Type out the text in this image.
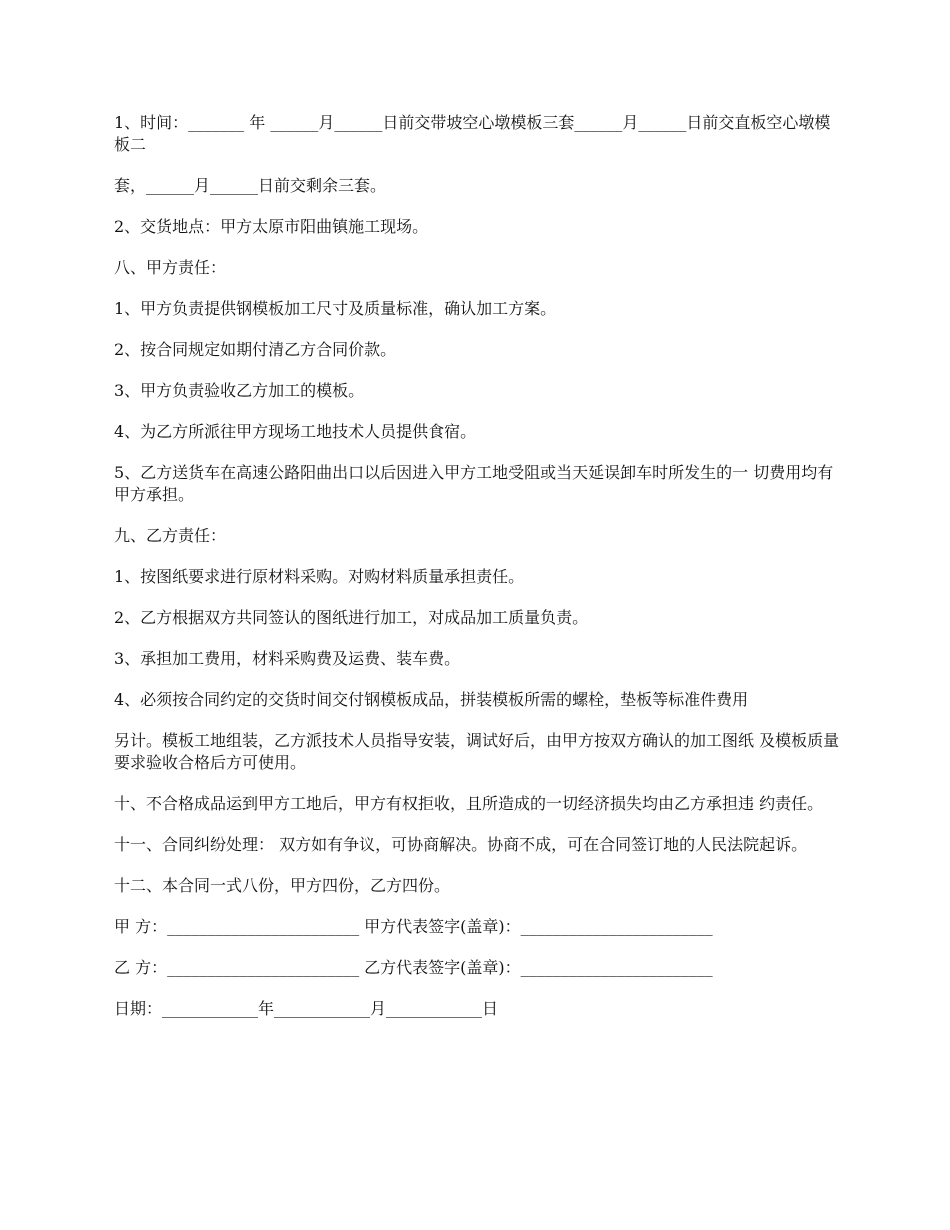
1、时间：_______ 年 ______月______日前交带坡空心墩模板三套______月______日前交直板空心墩模板二

套，______月______日前交剩余三套。

2、交货地点：甲方太原市阳曲镇施工现场。

八、甲方责任：

1、甲方负责提供钢模板加工尺寸及质量标准，确认加工方案。

2、按合同规定如期付清乙方合同价款。

3、甲方负责验收乙方加工的模板。

4、为乙方所派往甲方现场工地技术人员提供食宿。

5、乙方送货车在高速公路阳曲出口以后因进入甲方工地受阻或当天延误卸车时所发生的一 切费用均有甲方承担。

九、乙方责任：

1、按图纸要求进行原材料采购。对购材料质量承担责任。

2、乙方根据双方共同签认的图纸进行加工，对成品加工质量负责。

3、承担加工费用，材料采购费及运费、装车费。

4、必须按合同约定的交货时间交付钢模板成品，拼装模板所需的螺栓，垫板等标准件费用

另计。模板工地组装，乙方派技术人员指导安装，调试好后，由甲方按双方确认的加工图纸 及模板质量要求验收合格后方可使用。

十、不合格成品运到甲方工地后，甲方有权拒收，且所造成的一切经济损失均由乙方承担违 约责任。

十一、合同纠纷处理： 双方如有争议，可协商解决。协商不成，可在合同签订地的人民法院起诉。

十二、本合同一式八份，甲方四份，乙方四份。

甲 方：________________________ 甲方代表签字(盖章)：________________________

乙 方：________________________ 乙方代表签字(盖章)：________________________

日期：____________年____________月____________日
